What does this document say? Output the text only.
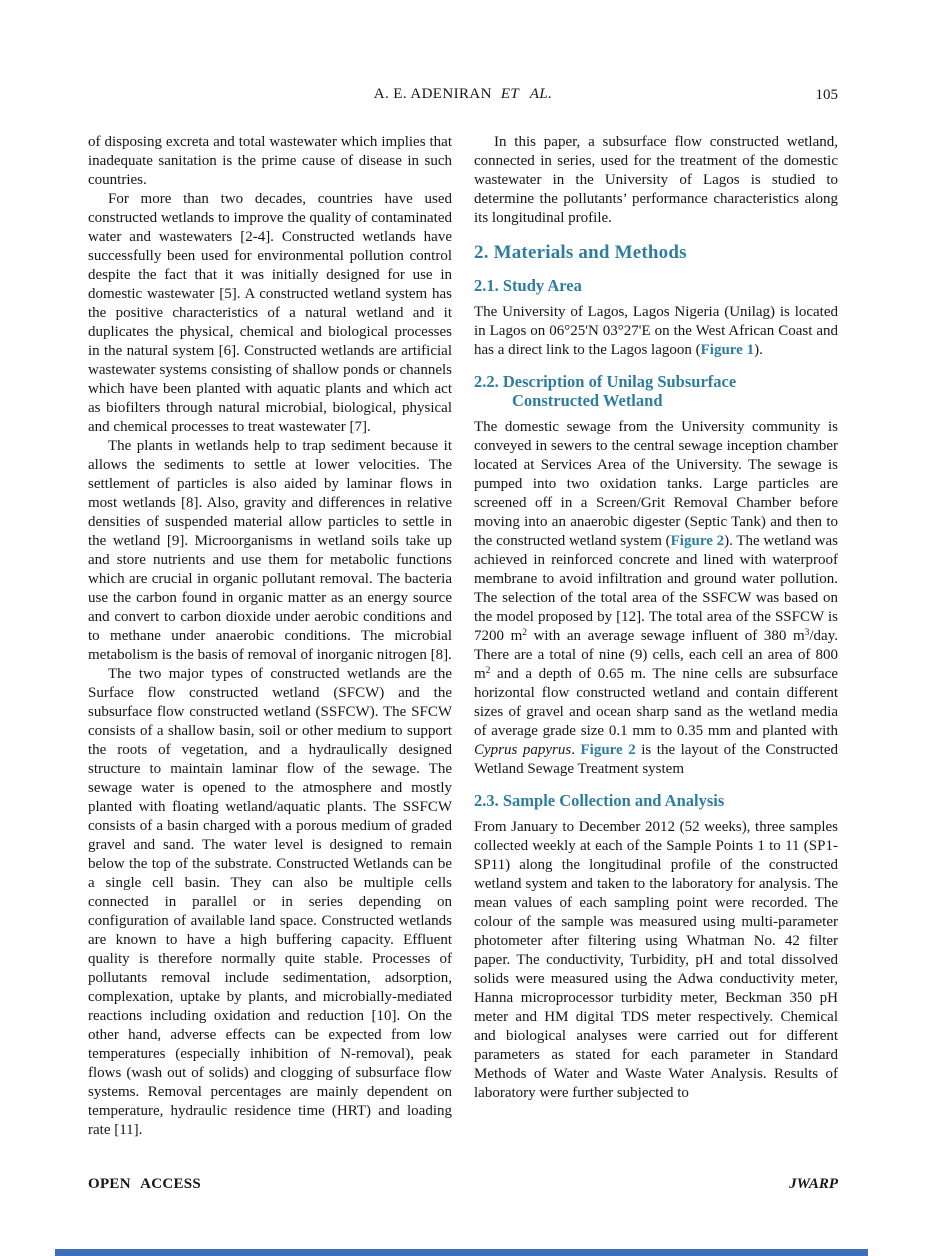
A. E. ADENIRAN ET AL.	105

of disposing excreta and total wastewater which implies that inadequate sanitation is the prime cause of disease in such countries.

For more than two decades, countries have used constructed wetlands to improve the quality of contaminated water and wastewaters [2-4]. Constructed wetlands have successfully been used for environmental pollution control despite the fact that it was initially designed for use in domestic wastewater [5]. A constructed wetland system has the positive characteristics of a natural wetland and it duplicates the physical, chemical and biological processes in the natural system [6]. Constructed wetlands are artificial wastewater systems consisting of shallow ponds or channels which have been planted with aquatic plants and which act as biofilters through natural microbial, biological, physical and chemical processes to treat wastewater [7].

The plants in wetlands help to trap sediment because it allows the sediments to settle at lower velocities. The settlement of particles is also aided by laminar flows in most wetlands [8]. Also, gravity and differences in relative densities of suspended material allow particles to settle in the wetland [9]. Microorganisms in wetland soils take up and store nutrients and use them for metabolic functions which are crucial in organic pollutant removal. The bacteria use the carbon found in organic matter as an energy source and convert to carbon dioxide under aerobic conditions and to methane under anaerobic conditions. The microbial metabolism is the basis of removal of inorganic nitrogen [8].

The two major types of constructed wetlands are the Surface flow constructed wetland (SFCW) and the subsurface flow constructed wetland (SSFCW). The SFCW consists of a shallow basin, soil or other medium to support the roots of vegetation, and a hydraulically designed structure to maintain laminar flow of the sewage. The sewage water is opened to the atmosphere and mostly planted with floating wetland/aquatic plants. The SSFCW consists of a basin charged with a porous medium of graded gravel and sand. The water level is designed to remain below the top of the substrate. Constructed Wetlands can be a single cell basin. They can also be multiple cells connected in parallel or in series depending on configuration of available land space. Constructed wetlands are known to have a high buffering capacity. Effluent quality is therefore normally quite stable. Processes of pollutants removal include sedimentation, adsorption, complexation, uptake by plants, and microbially-mediated reactions including oxidation and reduction [10]. On the other hand, adverse effects can be expected from low temperatures (especially inhibition of N-removal), peak flows (wash out of solids) and clogging of subsurface flow systems. Removal percentages are mainly dependent on temperature, hydraulic residence time (HRT) and loading rate [11].

In this paper, a subsurface flow constructed wetland, connected in series, used for the treatment of the domestic wastewater in the University of Lagos is studied to determine the pollutants’ performance characteristics along its longitudinal profile.

2. Materials and Methods
2.1. Study Area

The University of Lagos, Lagos Nigeria (Unilag) is located in Lagos on 06°25'N 03°27'E on the West African Coast and has a direct link to the Lagos lagoon (Figure 1).

2.2. Description of Unilag Subsurface
Constructed Wetland

The domestic sewage from the University community is conveyed in sewers to the central sewage inception chamber located at Services Area of the University. The sewage is pumped into two oxidation tanks. Large particles are screened off in a Screen/Grit Removal Chamber before moving into an anaerobic digester (Septic Tank) and then to the constructed wetland system (Figure 2). The wetland was achieved in reinforced concrete and lined with waterproof membrane to avoid infiltration and ground water pollution. The selection of the total area of the SSFCW was based on the model proposed by [12]. The total area of the SSFCW is 7200 $m^2$ with an average sewage influent of 380 $m^3$/day. There are a total of nine (9) cells, each cell an area of 800 $m^2$ and a depth of 0.65 m. The nine cells are subsurface horizontal flow constructed wetland and contain different sizes of gravel and ocean sharp sand as the wetland media of average grade size 0.1 mm to 0.35 mm and planted with Cyprus papyrus. Figure 2 is the layout of the Constructed Wetland Sewage Treatment system

2.3. Sample Collection and Analysis

From January to December 2012 (52 weeks), three samples collected weekly at each of the Sample Points 1 to 11 (SP1-SP11) along the longitudinal profile of the constructed wetland system and taken to the laboratory for analysis. The mean values of each sampling point were recorded. The colour of the sample was measured using multi-parameter photometer after filtering using Whatman No. 42 filter paper. The conductivity, Turbidity, pH and total dissolved solids were measured using the Adwa conductivity meter, Hanna microprocessor turbidity meter, Beckman 350 pH meter and HM digital TDS meter respectively. Chemical and biological analyses were carried out for different parameters as stated for each parameter in Standard Methods of Water and Waste Water Analysis. Results of laboratory were further subjected to

OPEN ACCESS	JWARP
